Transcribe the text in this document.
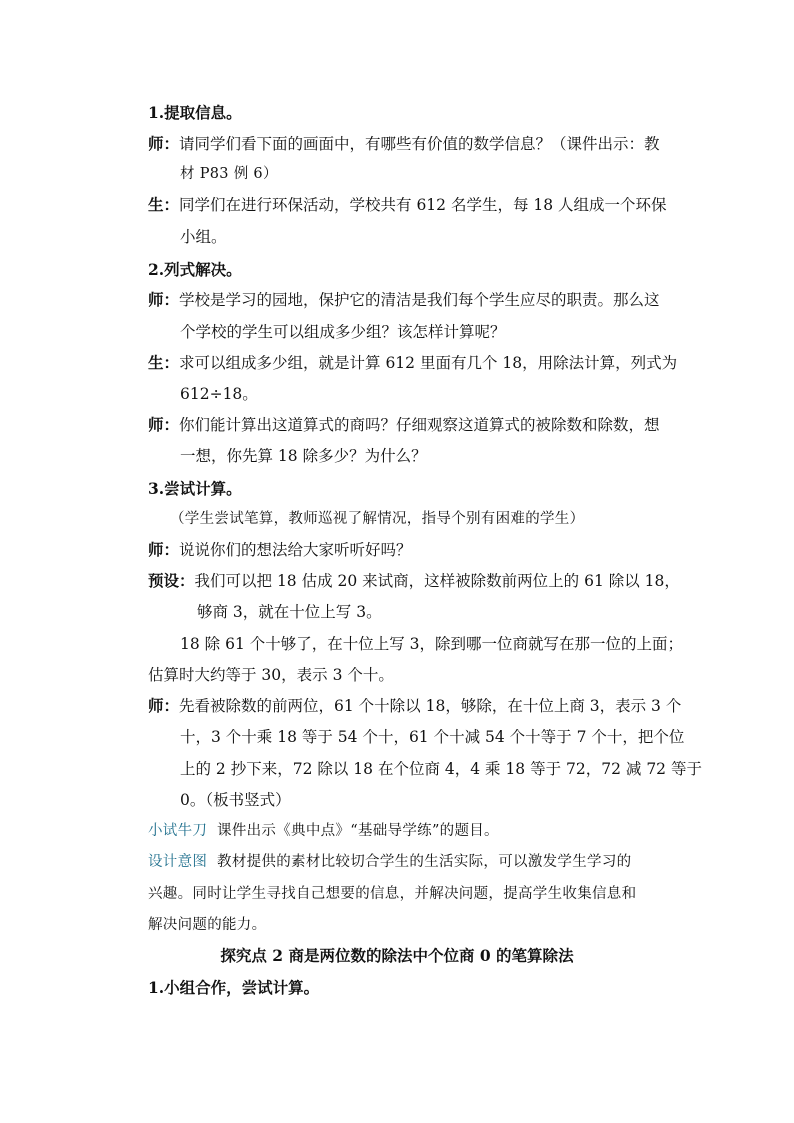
1.提取信息。
师：请同学们看下面的画面中，有哪些有价值的数学信息？（课件出示：教
材 P83 例 6）
生：同学们在进行环保活动，学校共有 612 名学生，每 18 人组成一个环保
小组。
2.列式解决。
师：学校是学习的园地，保护它的清洁是我们每个学生应尽的职责。那么这
个学校的学生可以组成多少组？该怎样计算呢？
生：求可以组成多少组，就是计算 612 里面有几个 18，用除法计算，列式为
612÷18。
师：你们能计算出这道算式的商吗？仔细观察这道算式的被除数和除数，想
一想，你先算 18 除多少？为什么？
3.尝试计算。
（学生尝试笔算，教师巡视了解情况，指导个别有困难的学生）
师：说说你们的想法给大家听听好吗？
预设：我们可以把 18 估成 20 来试商，这样被除数前两位上的 61 除以 18，
够商 3，就在十位上写 3。
18 除 61 个十够了，在十位上写 3，除到哪一位商就写在那一位的上面；
估算时大约等于 30，表示 3 个十。
师：先看被除数的前两位，61 个十除以 18，够除，在十位上商 3，表示 3 个
十，3 个十乘 18 等于 54 个十，61 个十减 54 个十等于 7 个十，把个位
上的 2 抄下来，72 除以 18 在个位商 4，4 乘 18 等于 72，72 减 72 等于
0。（板书竖式）
小试牛刀 课件出示《典中点》“基础导学练”的题目。
设计意图 教材提供的素材比较切合学生的生活实际，可以激发学生学习的
兴趣。同时让学生寻找自己想要的信息，并解决问题，提高学生收集信息和
解决问题的能力。
探究点 2 商是两位数的除法中个位商 0 的笔算除法
1.小组合作，尝试计算。
